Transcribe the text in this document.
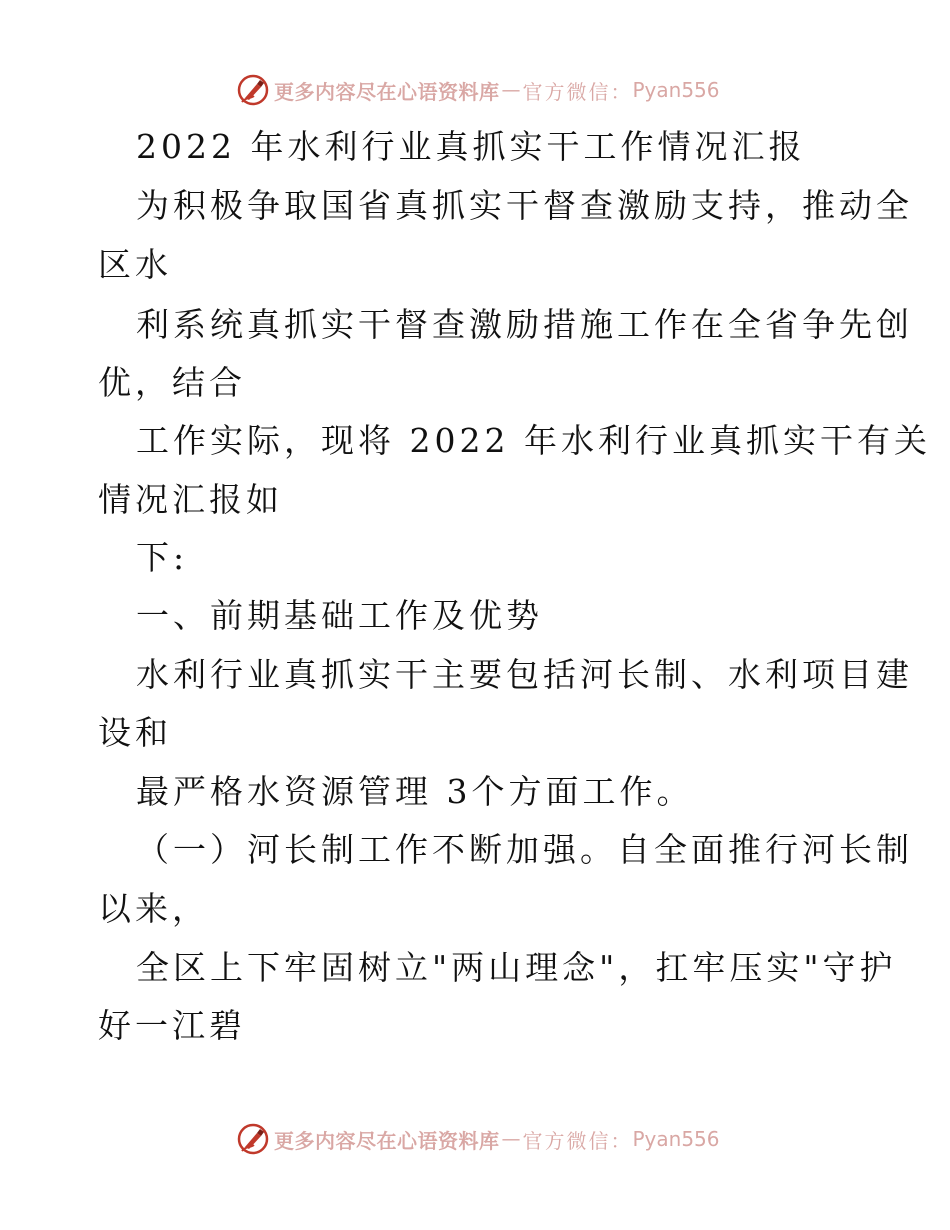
更多内容尽在心语资料库 — 官方微信： Pyan556
2022 年水利行业真抓实干工作情况汇报
为积极争取国省真抓实干督查激励支持，推动全
区水
利系统真抓实干督查激励措施工作在全省争先创
优，结合
工作实际，现将 2022 年水利行业真抓实干有关
情况汇报如
下:
一、前期基础工作及优势
水利行业真抓实干主要包括河长制、水利项目建
设和
最严格水资源管理 3个方面工作。
（一）河长制工作不断加强。自全面推行河长制
以来，
全区上下牢固树立"两山理念"，扛牢压实"守护
好一江碧
更多内容尽在心语资料库 — 官方微信： Pyan556
